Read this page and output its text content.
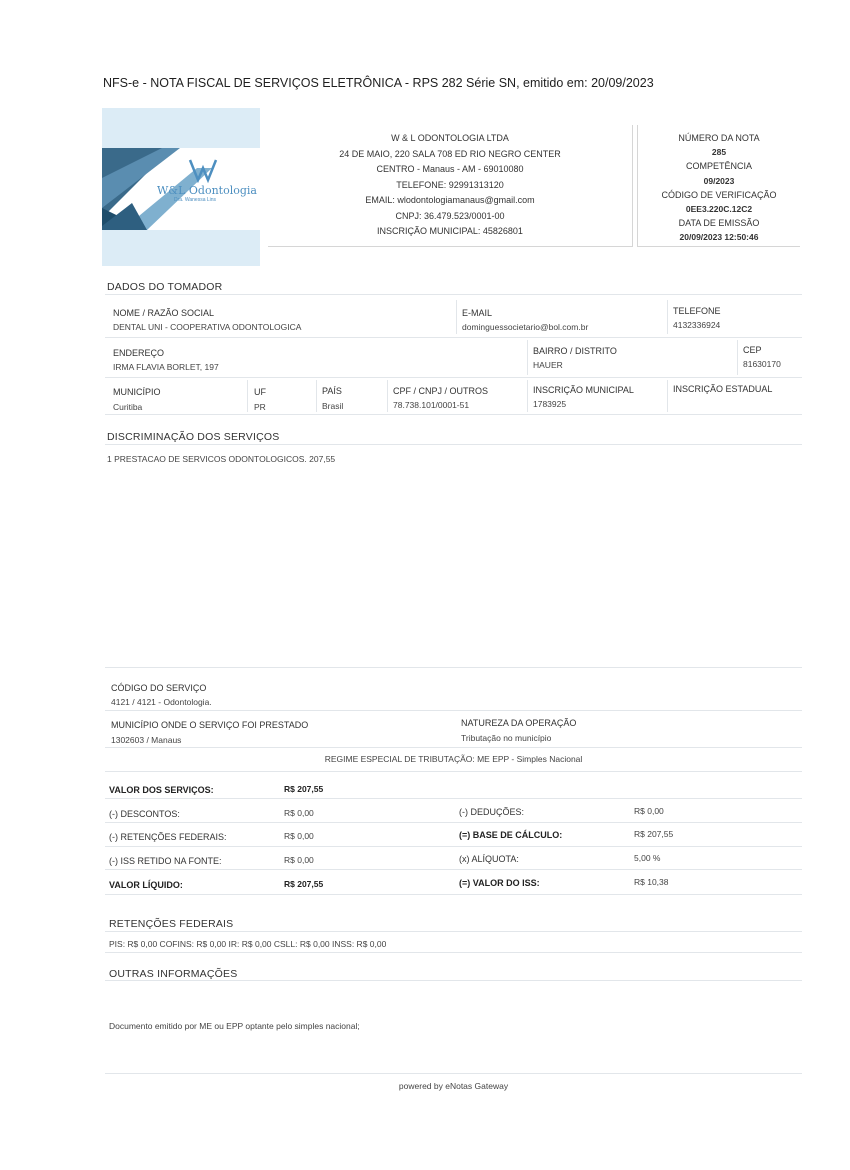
NFS-e - NOTA FISCAL DE SERVIÇOS ELETRÔNICA - RPS 282 Série SN, emitido em: 20/09/2023
W&L Odontologia
Dra. Wanessa Lins
W & L ODONTOLOGIA LTDA
24 DE MAIO, 220 SALA 708 ED RIO NEGRO CENTER
CENTRO - Manaus - AM - 69010080
TELEFONE: 92991313120
EMAIL: wlodontologiamanaus@gmail.com
CNPJ: 36.479.523/0001-00
INSCRIÇÃO MUNICIPAL: 45826801
NÚMERO DA NOTA
285
COMPETÊNCIA
09/2023
CÓDIGO DE VERIFICAÇÃO
0EE3.220C.12C2
DATA DE EMISSÃO
20/09/2023 12:50:46
DADOS DO TOMADOR
NOME / RAZÃO SOCIAL
DENTAL UNI - COOPERATIVA ODONTOLOGICA
E-MAIL
dominguessocietario@bol.com.br
TELEFONE
4132336924
ENDEREÇO
IRMA FLAVIA BORLET, 197
BAIRRO / DISTRITO
HAUER
CEP
81630170
MUNICÍPIO
Curitiba
UF
PR
PAÍS
Brasil
CPF / CNPJ / OUTROS
78.738.101/0001-51
INSCRIÇÃO MUNICIPAL
1783925
INSCRIÇÃO ESTADUAL
DISCRIMINAÇÃO DOS SERVIÇOS
1 PRESTACAO DE SERVICOS ODONTOLOGICOS. 207,55
CÓDIGO DO SERVIÇO
4121 / 4121 - Odontologia.
MUNICÍPIO ONDE O SERVIÇO FOI PRESTADO
1302603 / Manaus
NATUREZA DA OPERAÇÃO
Tributação no município
REGIME ESPECIAL DE TRIBUTAÇÃO: ME EPP - Simples Nacional
VALOR DOS SERVIÇOS:	R$ 207,55
(-) DESCONTOS:	R$ 0,00	(-) DEDUÇÕES:	R$ 0,00
(-) RETENÇÕES FEDERAIS:	R$ 0,00	(=) BASE DE CÁLCULO:	R$ 207,55
(-) ISS RETIDO NA FONTE:	R$ 0,00	(x) ALÍQUOTA:	5,00 %
VALOR LÍQUIDO:	R$ 207,55	(=) VALOR DO ISS:	R$ 10,38
RETENÇÕES FEDERAIS
PIS: R$ 0,00 COFINS: R$ 0,00 IR: R$ 0,00 CSLL: R$ 0,00 INSS: R$ 0,00
OUTRAS INFORMAÇÕES
Documento emitido por ME ou EPP optante pelo simples nacional;
powered by eNotas Gateway
